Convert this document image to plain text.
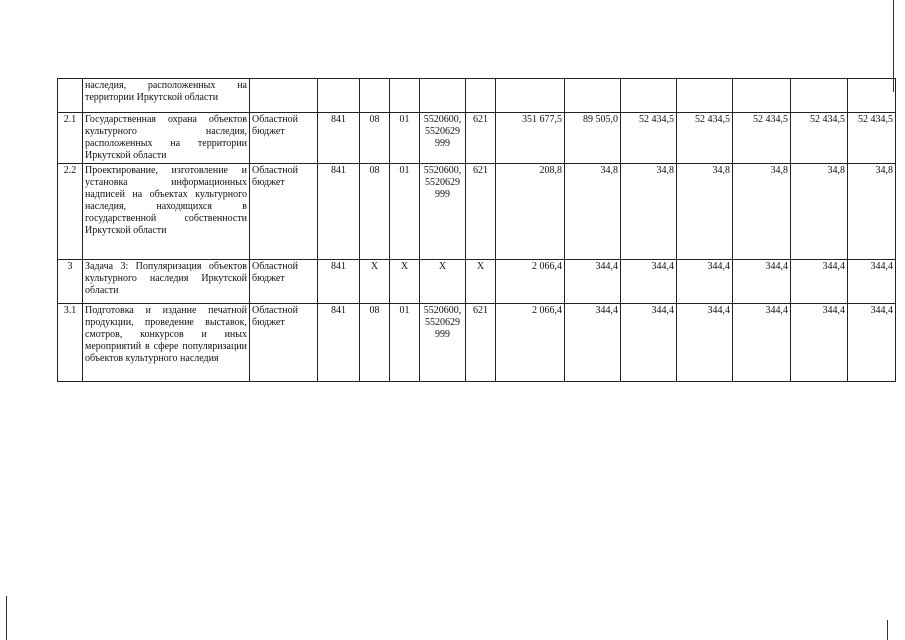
	наследия, расположенных на территории Иркутской области													
2.1	Государственная охрана объектов культурного наследия, расположенных на территории Иркутской области	Областной бюджет	841	08	01	5520600, 5520629 999	621	351 677,5	89 505,0	52 434,5	52 434,5	52 434,5	52 434,5	52 434,5
2.2	Проектирование, изготовление и установка информационных надписей на объектах культурного наследия, находящихся в государственной собственности Иркутской области	Областной бюджет	841	08	01	5520600, 5520629 999	621	208,8	34,8	34,8	34,8	34,8	34,8	34,8
3	Задача 3: Популяризация объектов культурного наследия Иркутской области	Областной бюджет	841	Х	Х	Х	Х	2 066,4	344,4	344,4	344,4	344,4	344,4	344,4
3.1	Подготовка и издание печатной продукции, проведение выставок, смотров, конкурсов и иных мероприятий в сфере популяризации объектов культурного наследия	Областной бюджет	841	08	01	5520600, 5520629 999	621	2 066,4	344,4	344,4	344,4	344,4	344,4	344,4
